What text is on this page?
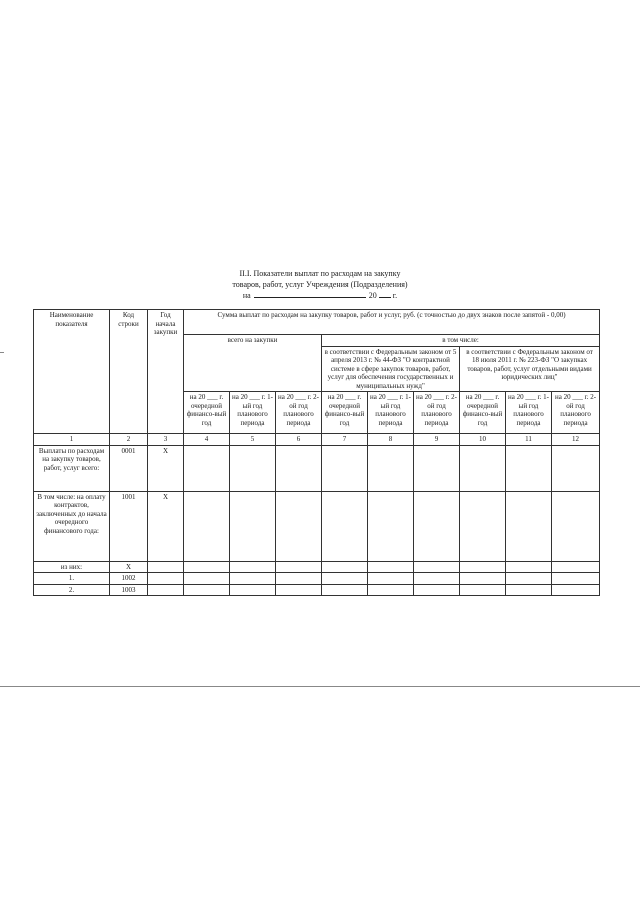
II.I. Показатели выплат по расходам на закупку
товаров, работ, услуг Учреждения (Подразделения)
на	20 г.
Наименование показателя	Код строки	Год начала закупки	Сумма выплат по расходам на закупку товаров, работ и услуг, руб. (с точностью до двух знаков после запятой - 0,00)								
			всего на закупки			в том числе:					
						в соответствии с Федеральным законом от 5 апреля 2013 г. № 44-ФЗ "О контрактной системе в сфере закупок товаров, работ, услуг для обеспечения государственных и муниципальных нужд"			в соответствии с Федеральным законом от 18 июля 2011 г. № 223-ФЗ "О закупках товаров, работ, услуг отдельными видами юридических лиц"		
			на 20 ___ г. очередной финансо-вый год	на 20 ___ г. 1-ый год планового периода	на 20 ___ г. 2-ой год планового периода	на 20 ___ г. очередной финансо-вый год	на 20 ___ г. 1-ый год планового периода	на 20 ___ г. 2-ой год планового периода	на 20 ___ г. очередной финансо-вый год	на 20 ___ г. 1-ый год планового периода	на 20 ___ г. 2-ой год планового периода
1	2	3	4	5	6	7	8	9	10	11	12
Выплаты по расходам на закупку товаров, работ, услуг всего:	0001	X									
В том числе: на оплату контрактов, заключенных до начала очередного финансового года:	1001	X									
из них:	X										
1.	1002										
2.	1003										
